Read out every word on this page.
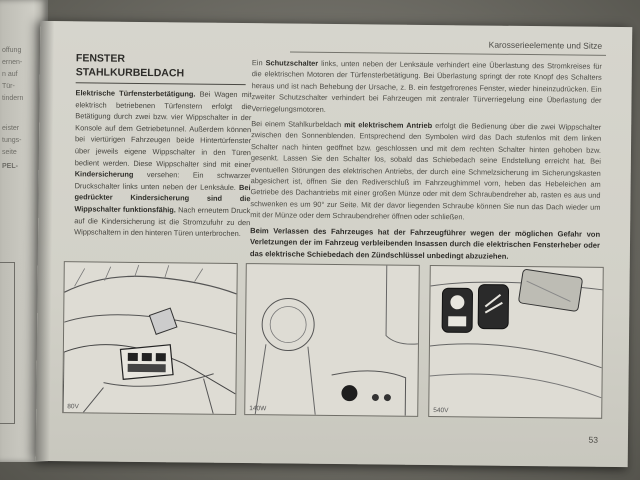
offung
ernen-
n auf
Tür-
tindern
eister
tungs-
seite
PEL-
Karosserieelemente und Sitze
FENSTER
STAHLKURBELDACH

Elektrische Türfensterbetätigung. Bei Wagen mit elektrisch betriebenen Türfenstern erfolgt die Betätigung durch zwei bzw. vier Wippschalter in der Konsole auf dem Getriebetunnel. Außerdem können bei viertürigen Fahrzeugen beide Hintertürfenster über jeweils eigene Wippschalter in den Türen bedient werden. Diese Wippschalter sind mit einer Kindersicherung versehen: Ein schwarzer Druckschalter links unten neben der Lenksäule. Bei gedrückter Kindersicherung sind die Wippschalter funktionsfähig. Nach erneutem Druck auf die Kindersicherung ist die Stromzufuhr zu den Wippschaltern in den hinteren Türen unterbrochen.

Ein Schutzschalter links, unten neben der Lenksäule verhindert eine Überlastung des Stromkreises für die elektrischen Motoren der Türfensterbetätigung. Bei Überlastung springt der rote Knopf des Schalters heraus und ist nach Behebung der Ursache, z. B. ein festgefrorenes Fenster, wieder hineinzudrücken. Ein zweiter Schutzschalter verhindert bei Fahrzeugen mit zentraler Türverriegelung eine Überlastung der Verriegelungsmotoren.

Bei einem Stahlkurbeldach mit elektrischem Antrieb erfolgt die Bedienung über die zwei Wippschalter zwischen den Sonnenblenden. Entsprechend den Symbolen wird das Dach stufenlos mit dem linken Schalter nach hinten geöffnet bzw. geschlossen und mit dem rechten Schalter hinten gehoben bzw. gesenkt. Lassen Sie den Schalter los, sobald das Schiebedach seine Endstellung erreicht hat. Bei eventuellen Störungen des elektrischen Antriebs, der durch eine Schmelzsicherung im Sicherungskasten abgesichert ist, öffnen Sie den Rediverschluß im Fahrzeughimmel vorn, heben das Hebeleichen am Getriebe des Dachantriebs mit einer großen Münze oder mit dem Schraubendreher ab, rasten es aus und schwenken es um 90° zur Seite. Mit der davor liegenden Schraube können Sie nun das Dach wieder um mit der Münze oder dem Schraubendreher öffnen oder schließen.

Beim Verlassen des Fahrzeuges hat der Fahrzeugführer wegen der möglichen Gefahr von Verletzungen der im Fahrzeug verbleibenden Insassen durch die elektrischen Fensterheber oder das elektrische Schiebedach den Zündschlüssel unbedingt abzuziehen.
80V	140W	540V
53
